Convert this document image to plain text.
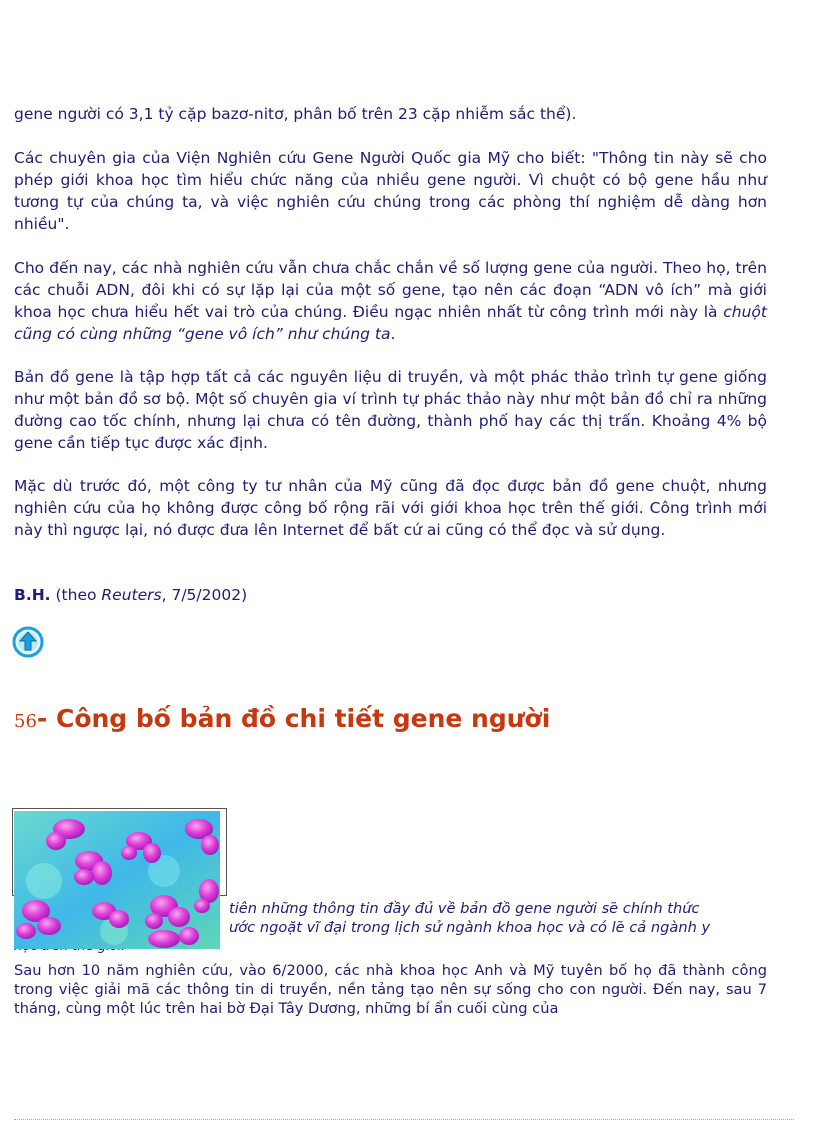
gene người có 3,1 tỷ cặp bazơ-nitơ, phân bố trên 23 cặp nhiễm sắc thể).

Các chuyên gia của Viện Nghiên cứu Gene Người Quốc gia Mỹ cho biết: "Thông tin này sẽ cho phép giới khoa học tìm hiểu chức năng của nhiều gene người. Vì chuột có bộ gene hầu như tương tự của chúng ta, và việc nghiên cứu chúng trong các phòng thí nghiệm dễ dàng hơn nhiều".

Cho đến nay, các nhà nghiên cứu vẫn chưa chắc chắn về số lượng gene của người. Theo họ, trên các chuỗi ADN, đôi khi có sự lặp lại của một số gene, tạo nên các đoạn “ADN vô ích” mà giới khoa học chưa hiểu hết vai trò của chúng. Điều ngạc nhiên nhất từ công trình mới này là chuột cũng có cùng những “gene vô ích” như chúng ta.

Bản đồ gene là tập hợp tất cả các nguyên liệu di truyền, và một phác thảo trình tự gene giống như một bản đồ sơ bộ. Một số chuyên gia ví trình tự phác thảo này như một bản đồ chỉ ra những đường cao tốc chính, nhưng lại chưa có tên đường, thành phố hay các thị trấn. Khoảng 4% bộ gene cần tiếp tục được xác định.

Mặc dù trước đó, một công ty tư nhân của Mỹ cũng đã đọc được bản đồ gene chuột, nhưng nghiên cứu của họ không được công bố rộng rãi với giới khoa học trên thế giới. Công trình mới này thì ngược lại, nó được đưa lên Internet để bất cứ ai cũng có thể đọc và sử dụng.

B.H. (theo Reuters, 7/5/2002)
56- Công bố bản đồ chi tiết gene người

tiên những thông tin đầy đủ về bản đồ gene người sẽ chính thức

ước ngoặt vĩ đại trong lịch sử ngành khoa học và có lẽ cả ngành y

Sau hơn 10 năm nghiên cứu, vào 6/2000, các nhà khoa học Anh và Mỹ tuyên bố họ đã thành công trong việc giải mã các thông tin di truyền, nền tảng tạo nên sự sống cho con người. Đến nay, sau 7 tháng, cùng một lúc trên hai bờ Đại Tây Dương, những bí ẩn cuối cùng của
